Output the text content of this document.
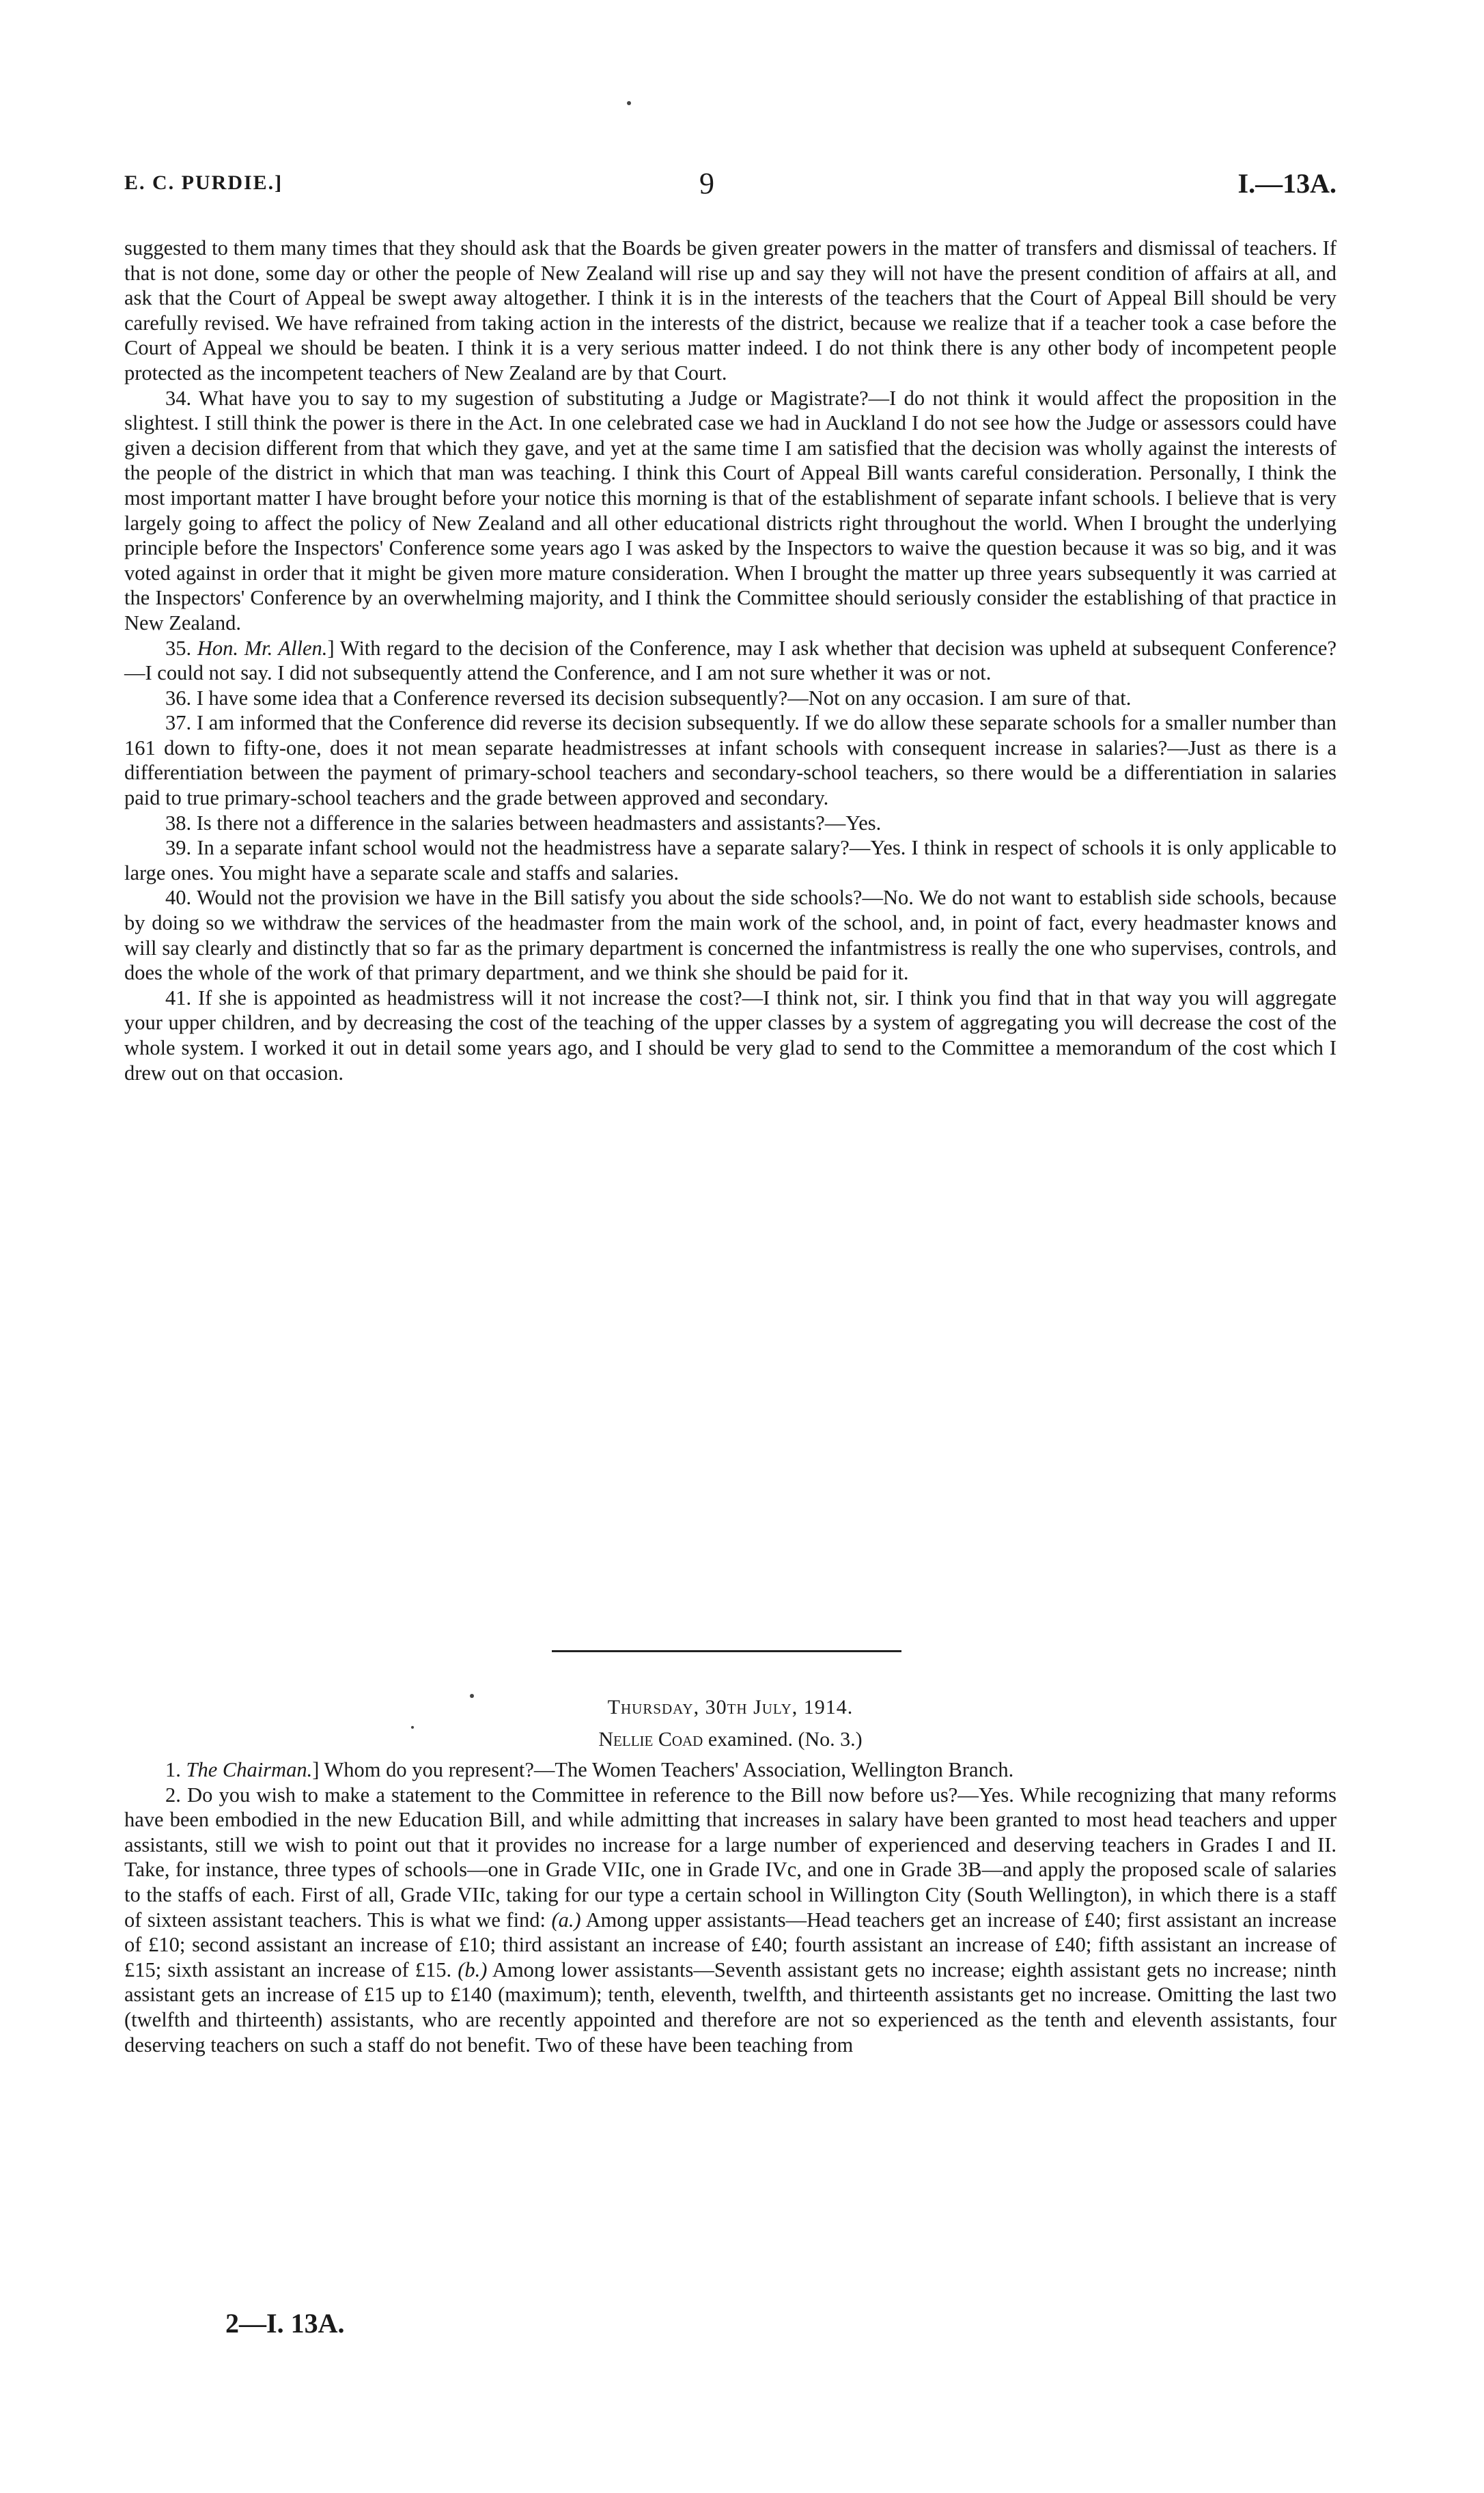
E. C. PURDIE.]	9	I.—13A.

suggested to them many times that they should ask that the Boards be given greater powers in the matter of transfers and dismissal of teachers. If that is not done, some day or other the people of New Zealand will rise up and say they will not have the present condition of affairs at all, and ask that the Court of Appeal be swept away altogether. I think it is in the interests of the teachers that the Court of Appeal Bill should be very carefully revised. We have refrained from taking action in the interests of the district, because we realize that if a teacher took a case before the Court of Appeal we should be beaten. I think it is a very serious matter indeed. I do not think there is any other body of incompetent people protected as the incompetent teachers of New Zealand are by that Court.

34. What have you to say to my sugestion of substituting a Judge or Magistrate?—I do not think it would affect the proposition in the slightest. I still think the power is there in the Act. In one celebrated case we had in Auckland I do not see how the Judge or assessors could have given a decision different from that which they gave, and yet at the same time I am satisfied that the decision was wholly against the interests of the people of the district in which that man was teaching. I think this Court of Appeal Bill wants careful consideration. Personally, I think the most important matter I have brought before your notice this morning is that of the establishment of separate infant schools. I believe that is very largely going to affect the policy of New Zealand and all other educational districts right throughout the world. When I brought the underlying principle before the Inspectors' Conference some years ago I was asked by the Inspectors to waive the question because it was so big, and it was voted against in order that it might be given more mature consideration. When I brought the matter up three years subsequently it was carried at the Inspectors' Conference by an overwhelming majority, and I think the Committee should seriously consider the establishing of that practice in New Zealand.

35. Hon. Mr. Allen.] With regard to the decision of the Conference, may I ask whether that decision was upheld at subsequent Conference?—I could not say. I did not subsequently attend the Conference, and I am not sure whether it was or not.

36. I have some idea that a Conference reversed its decision subsequently?—Not on any occasion. I am sure of that.

37. I am informed that the Conference did reverse its decision subsequently. If we do allow these separate schools for a smaller number than 161 down to fifty-one, does it not mean separate headmistresses at infant schools with consequent increase in salaries?—Just as there is a differentiation between the payment of primary-school teachers and secondary-school teachers, so there would be a differentiation in salaries paid to true primary-school teachers and the grade between approved and secondary.

38. Is there not a difference in the salaries between headmasters and assistants?—Yes.

39. In a separate infant school would not the headmistress have a separate salary?—Yes. I think in respect of schools it is only applicable to large ones. You might have a separate scale and staffs and salaries.

40. Would not the provision we have in the Bill satisfy you about the side schools?—No. We do not want to establish side schools, because by doing so we withdraw the services of the headmaster from the main work of the school, and, in point of fact, every headmaster knows and will say clearly and distinctly that so far as the primary department is concerned the infantmistress is really the one who supervises, controls, and does the whole of the work of that primary department, and we think she should be paid for it.

41. If she is appointed as headmistress will it not increase the cost?—I think not, sir. I think you find that in that way you will aggregate your upper children, and by decreasing the cost of the teaching of the upper classes by a system of aggregating you will decrease the cost of the whole system. I worked it out in detail some years ago, and I should be very glad to send to the Committee a memorandum of the cost which I drew out on that occasion.

Thursday, 30th July, 1914.
Nellie Coad examined. (No. 3.)

1. The Chairman.] Whom do you represent?—The Women Teachers' Association, Wellington Branch.

2. Do you wish to make a statement to the Committee in reference to the Bill now before us?—Yes. While recognizing that many reforms have been embodied in the new Education Bill, and while admitting that increases in salary have been granted to most head teachers and upper assistants, still we wish to point out that it provides no increase for a large number of experienced and deserving teachers in Grades I and II. Take, for instance, three types of schools—one in Grade VIIc, one in Grade IVc, and one in Grade 3B—and apply the proposed scale of salaries to the staffs of each. First of all, Grade VIIc, taking for our type a certain school in Willington City (South Wellington), in which there is a staff of sixteen assistant teachers. This is what we find: (a.) Among upper assistants—Head teachers get an increase of £40; first assistant an increase of £10; second assistant an increase of £10; third assistant an increase of £40; fourth assistant an increase of £40; fifth assistant an increase of £15; sixth assistant an increase of £15. (b.) Among lower assistants—Seventh assistant gets no increase; eighth assistant gets no increase; ninth assistant gets an increase of £15 up to £140 (maximum); tenth, eleventh, twelfth, and thirteenth assistants get no increase. Omitting the last two (twelfth and thirteenth) assistants, who are recently appointed and therefore are not so experienced as the tenth and eleventh assistants, four deserving teachers on such a staff do not benefit. Two of these have been teaching from

2—I. 13A.
